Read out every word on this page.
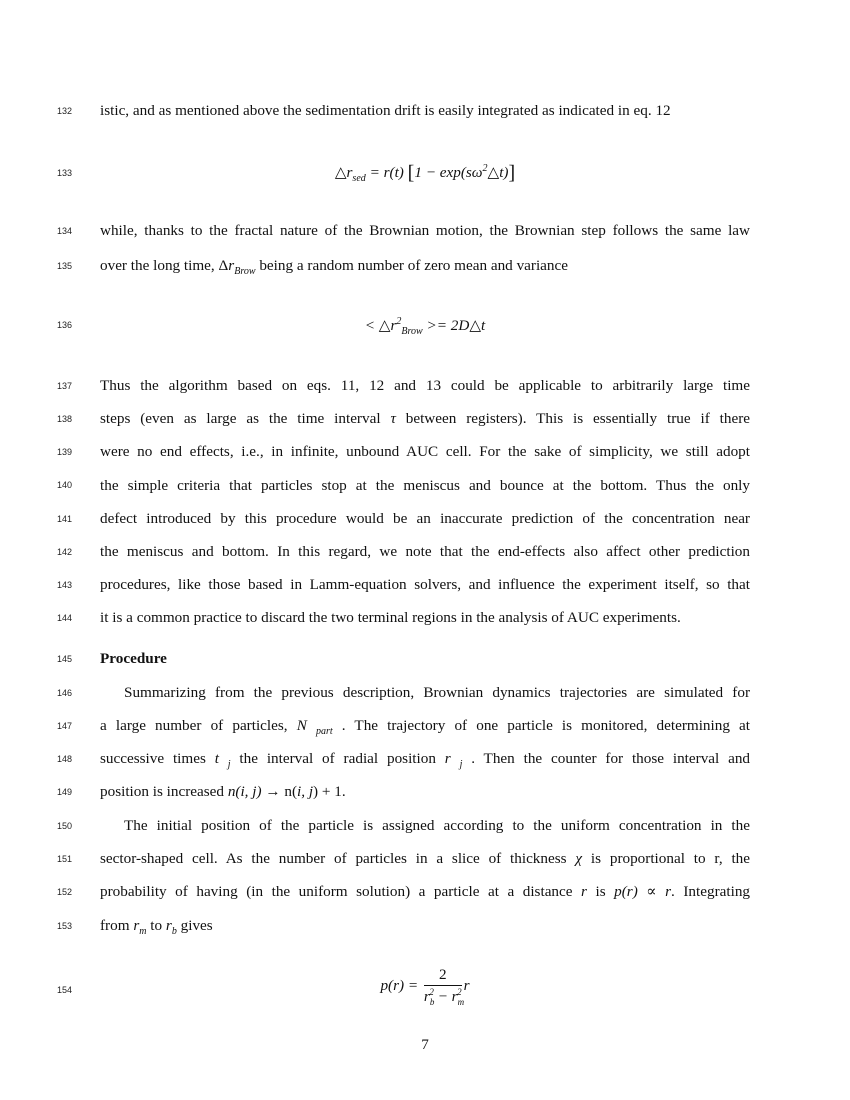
132
133
134
135
136
137
138
139
140
141
142
143
144
145
146
147
148
149
150
151
152
153
154
istic, and as mentioned above the sedimentation drift is easily integrated as indicated in eq. 12
$\triangle r_{sed} = r(t) [1$ − $\exp(s\omega^2\triangle t)$]
while, thanks to the fractal nature of the Brownian motion, the Brownian step follows the same law
over the long time, $\Delta r_{Brow}$ being a random number of zero mean and variance
< $\triangle r^2_{Brow}$ >= 2D△t
Thus the algorithm based on eqs. 11, 12 and 13 could be applicable to arbitrarily large time
steps (even as large as the time interval τ between registers). This is essentially true if there
were no end effects, i.e., in infinite, unbound AUC cell. For the sake of simplicity, we still adopt
the simple criteria that particles stop at the meniscus and bounce at the bottom. Thus the only
defect introduced by this procedure would be an inaccurate prediction of the concentration near
the meniscus and bottom. In this regard, we note that the end-effects also affect other prediction
procedures, like those based in Lamm-equation solvers, and influence the experiment itself, so that
it is a common practice to discard the two terminal regions in the analysis of AUC experiments.
Procedure
Summarizing from the previous description, Brownian dynamics trajectories are simulated for
a large number of particles, N $_{part}$ . The trajectory of one particle is monitored, determining at
successive times t $_j$ the interval of radial position r $_j$ . Then the counter for those interval and
position is increased n(i, j) → n(i, j) + 1.
The initial position of the particle is assigned according to the uniform concentration in the
sector-shaped cell. As the number of particles in a slice of thickness χ is proportional to r, the
probability of having (in the uniform solution) a particle at a distance r is p(r) ∝ r. Integrating
from $r_m$ to $r_b$ gives
$p(r) = \frac{2}{r_b^2 - r_m^2}$ r
7
